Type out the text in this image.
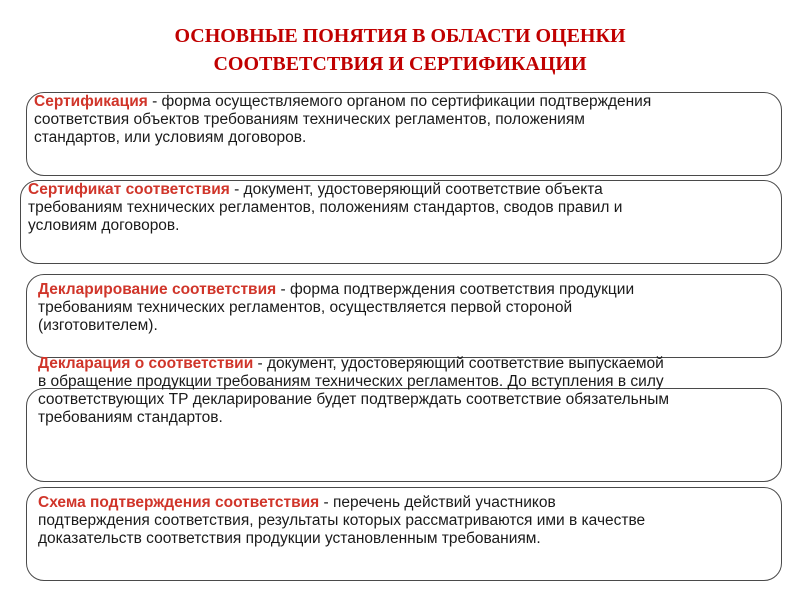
ОСНОВНЫЕ ПОНЯТИЯ В ОБЛАСТИ ОЦЕНКИ
СООТВЕТСТВИЯ И СЕРТИФИКАЦИИ
Сертификация - форма осуществляемого органом по сертификации подтверждения
соответствия объектов требованиям технических регламентов, положениям
стандартов, или условиям договоров.
Сертификат соответствия - документ, удостоверяющий соответствие объекта
требованиям технических регламентов, положениям стандартов, сводов правил и
условиям договоров.
Декларирование соответствия - форма подтверждения соответствия продукции
требованиям технических регламентов, осуществляется первой стороной
(изготовителем).
Декларация о соответствии - документ, удостоверяющий соответствие выпускаемой
в обращение продукции требованиям технических регламентов. До вступления в силу
соответствующих ТР декларирование будет подтверждать соответствие обязательным
требованиям стандартов.
Схема подтверждения соответствия - перечень действий участников
подтверждения соответствия, результаты которых рассматриваются ими в качестве
доказательств соответствия продукции установленным требованиям.
